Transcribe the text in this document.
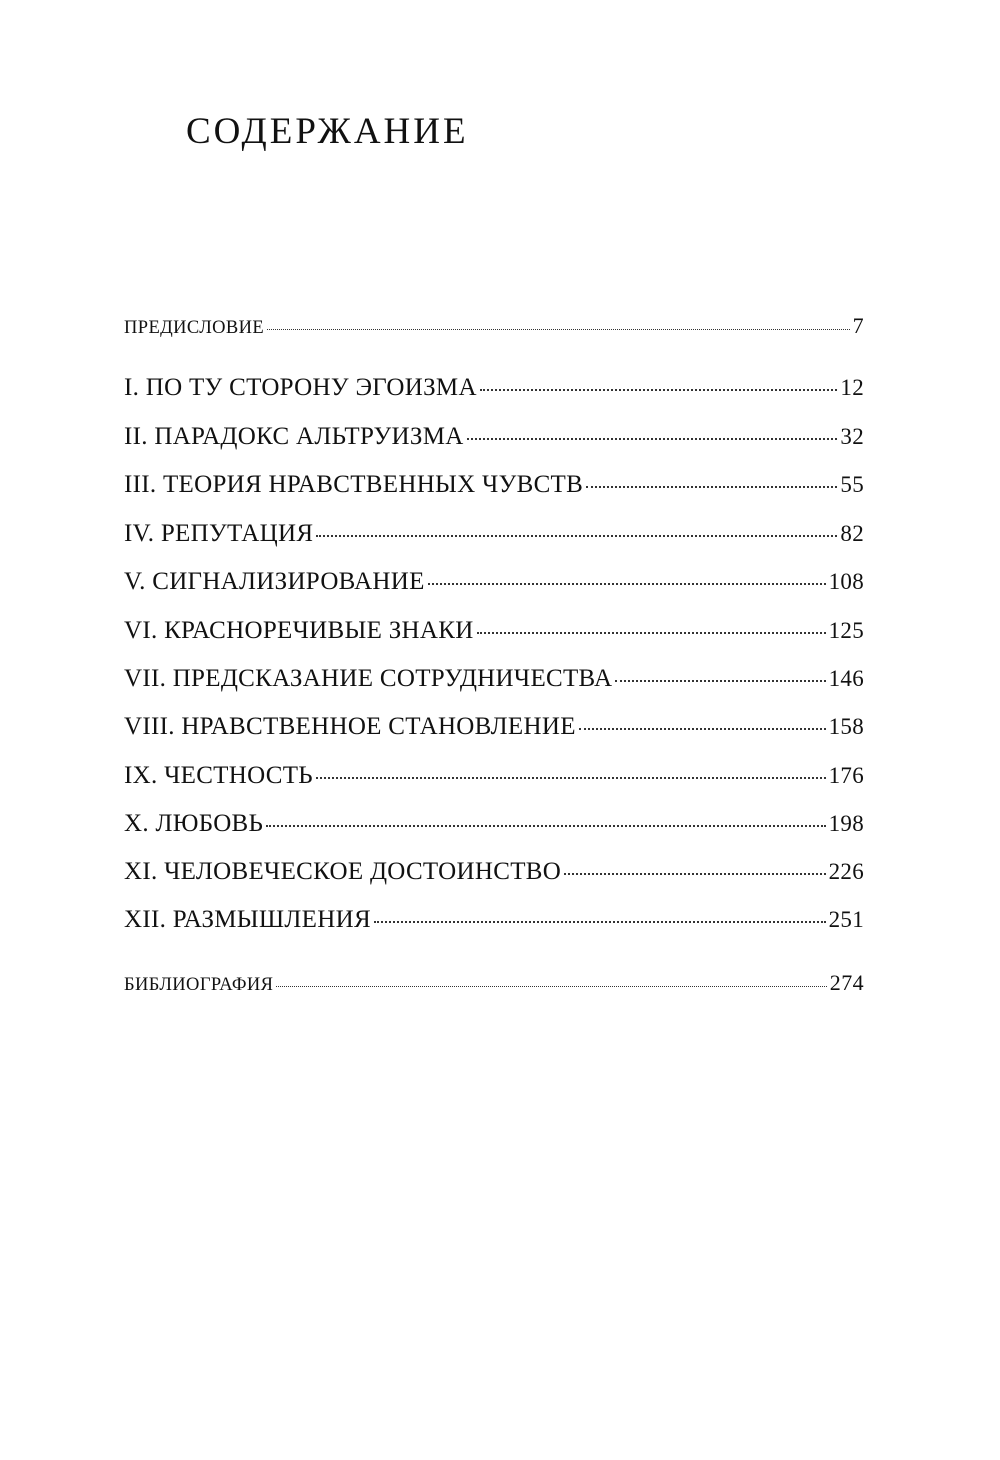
СОДЕРЖАНИЕ
ПРЕДИСЛОВИЕ	7
I. ПО ТУ СТОРОНУ ЭГОИЗМА	12
II. ПАРАДОКС АЛЬТРУИЗМА	32
III. ТЕОРИЯ НРАВСТВЕННЫХ ЧУВСТВ	55
IV. РЕПУТАЦИЯ	82
V. СИГНАЛИЗИРОВАНИЕ	108
VI. КРАСНОРЕЧИВЫЕ ЗНАКИ	125
VII. ПРЕДСКАЗАНИЕ СОТРУДНИЧЕСТВА	146
VIII. НРАВСТВЕННОЕ СТАНОВЛЕНИЕ	158
IX. ЧЕСТНОСТЬ	176
X. ЛЮБОВЬ	198
XI. ЧЕЛОВЕЧЕСКОЕ ДОСТОИНСТВО	226
XII. РАЗМЫШЛЕНИЯ	251
БИБЛИОГРАФИЯ	274
